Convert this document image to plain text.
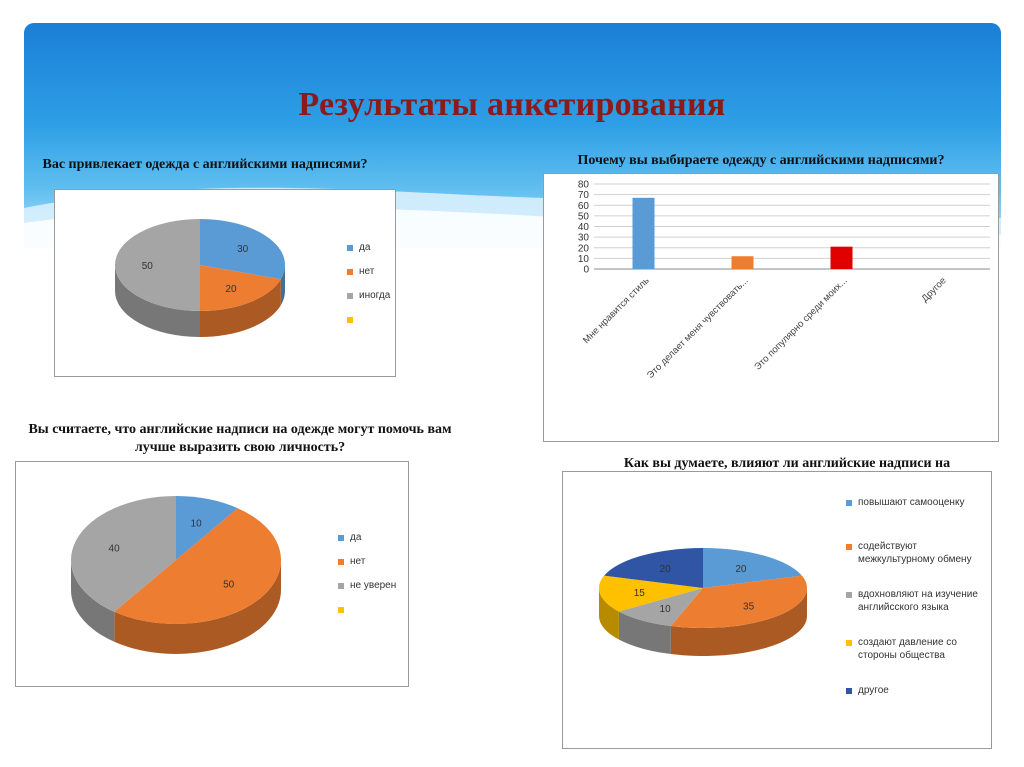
Результаты анкетирования
Вас привлекает одежда с английскими надписями?
30
20
50
да
нет
иногда
Почему вы выбираете одежду с английскими надписями?
0
10
20
30
40
50
60
70
80
Мне нравится стиль
Это делает меня чувствовать... Это популярно среди моих...	Другое
Вы считаете, что английские надписи на одежде могут помочь вам лучше выразить свою личность?
10
50
40
да
нет
не уверен
Как вы думаете, влияют ли английские надписи на
20
35
10
15
20
повышают самооценку
содействуют межкультурному обмену
вдохновляют на изучение английсского языка
создают давление со стороны общества
другое
